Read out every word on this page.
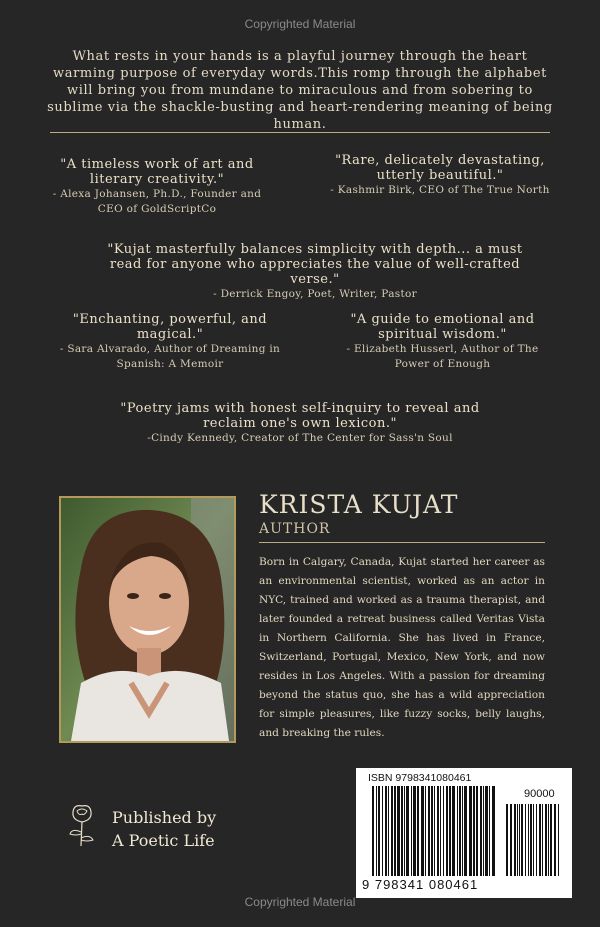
Copyrighted Material
What rests in your hands is a playful journey through the heart warming purpose of everyday words.This romp through the alphabet will bring you from mundane to miraculous and from sobering to sublime via the shackle-busting and heart-rendering meaning of being human.
"A timeless work of art and literary creativity."
- Alexa Johansen, Ph.D., Founder and CEO of GoldScriptCo
"Rare, delicately devastating, utterly beautiful."
- Kashmir Birk, CEO of The True North
"Kujat masterfully balances simplicity with depth... a must read for anyone who appreciates the value of well-crafted verse."
- Derrick Engoy, Poet, Writer, Pastor
"Enchanting, powerful, and magical."
- Sara Alvarado, Author of Dreaming in Spanish: A Memoir
"A guide to emotional and spiritual wisdom."
- Elizabeth Husserl, Author of The Power of Enough
"Poetry jams with honest self-inquiry to reveal and reclaim one's own lexicon."
-Cindy Kennedy, Creator of The Center for Sass'n Soul
KRISTA KUJAT
AUTHOR
Born in Calgary, Canada, Kujat started her career as an environmental scientist, worked as an actor in NYC, trained and worked as a trauma therapist, and later founded a retreat business called Veritas Vista in Northern California. She has lived in France, Switzerland, Portugal, Mexico, New York, and now resides in Los Angeles. With a passion for dreaming beyond the status quo, she has a wild appreciation for simple pleasures, like fuzzy socks, belly laughs, and breaking the rules.
Published by
A Poetic Life
ISBN 9798341080461
90000
9 798341 080461
Copyrighted Material
